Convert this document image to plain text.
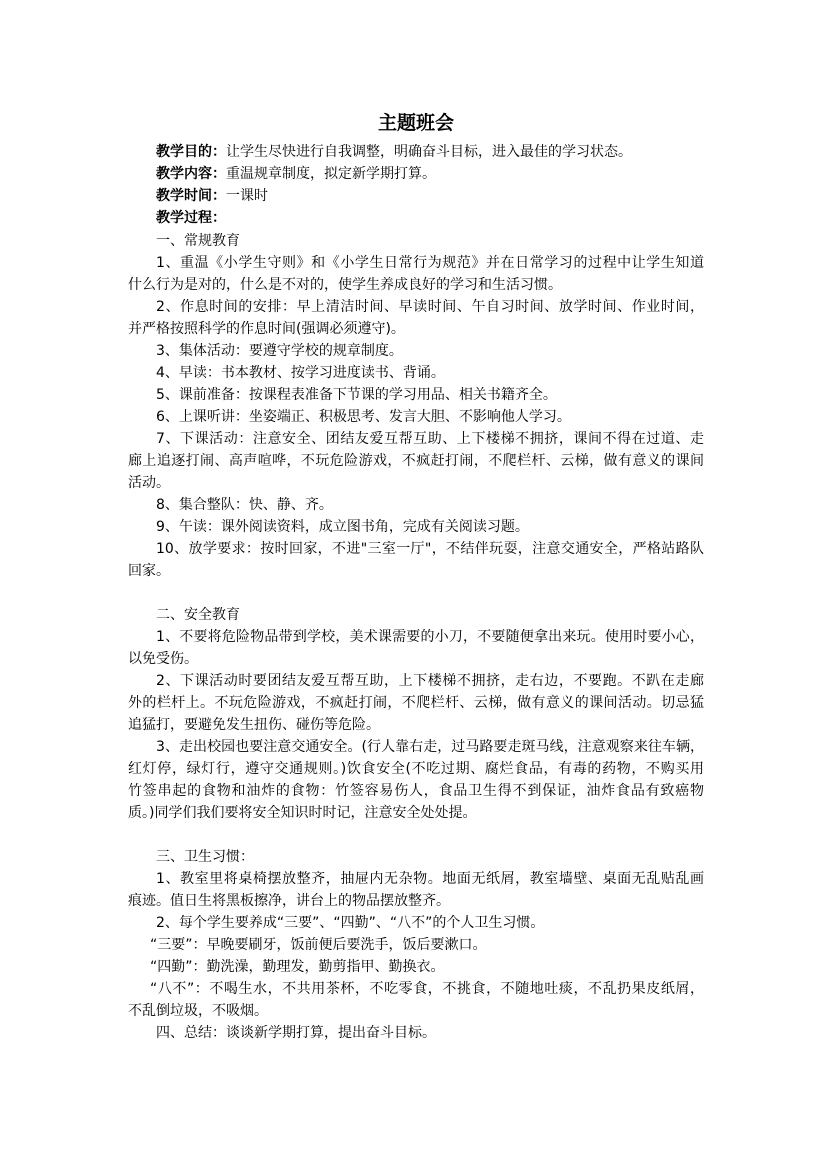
主题班会
教学目的：让学生尽快进行自我调整，明确奋斗目标，进入最佳的学习状态。
教学内容：重温规章制度，拟定新学期打算。
教学时间：一课时
教学过程：
一、常规教育
1、重温《小学生守则》和《小学生日常行为规范》并在日常学习的过程中让学生知道
什么行为是对的，什么是不对的，使学生养成良好的学习和生活习惯。
2、作息时间的安排：早上清洁时间、早读时间、午自习时间、放学时间、作业时间，
并严格按照科学的作息时间(强调必须遵守)。
3、集体活动：要遵守学校的规章制度。
4、早读：书本教材、按学习进度读书、背诵。
5、课前准备：按课程表准备下节课的学习用品、相关书籍齐全。
6、上课听讲：坐姿端正、积极思考、发言大胆、不影响他人学习。
7、下课活动：注意安全、团结友爱互帮互助、上下楼梯不拥挤，课间不得在过道、走
廊上追逐打闹、高声喧哗，不玩危险游戏，不疯赶打闹，不爬栏杆、云梯，做有意义的课间
活动。
8、集合整队：快、静、齐。
9、午读：课外阅读资料，成立图书角，完成有关阅读习题。
10、放学要求：按时回家，不进"三室一厅"，不结伴玩耍，注意交通安全，严格站路队
回家。
二、安全教育
1、不要将危险物品带到学校，美术课需要的小刀，不要随便拿出来玩。使用时要小心，
以免受伤。
2、下课活动时要团结友爱互帮互助，上下楼梯不拥挤，走右边，不要跑。不趴在走廊
外的栏杆上。不玩危险游戏，不疯赶打闹，不爬栏杆、云梯，做有意义的课间活动。切忌猛
追猛打，要避免发生扭伤、碰伤等危险。
3、走出校园也要注意交通安全。(行人靠右走，过马路要走斑马线，注意观察来往车辆，
红灯停，绿灯行，遵守交通规则。)饮食安全(不吃过期、腐烂食品，有毒的药物，不购买用
竹签串起的食物和油炸的食物：竹签容易伤人，食品卫生得不到保证，油炸食品有致癌物
质。)同学们我们要将安全知识时时记，注意安全处处提。
三、卫生习惯：
1、教室里将桌椅摆放整齐，抽屉内无杂物。地面无纸屑，教室墙壁、桌面无乱贴乱画
痕迹。值日生将黑板擦净，讲台上的物品摆放整齐。
2、每个学生要养成“三要”、“四勤”、“八不”的个人卫生习惯。
“三要”：早晚要刷牙，饭前便后要洗手，饭后要漱口。
“四勤”：勤洗澡，勤理发，勤剪指甲、勤换衣。
“八不”：不喝生水，不共用茶杯，不吃零食，不挑食，不随地吐痰，不乱扔果皮纸屑，
不乱倒垃圾，不吸烟。
四、总结：谈谈新学期打算，提出奋斗目标。
